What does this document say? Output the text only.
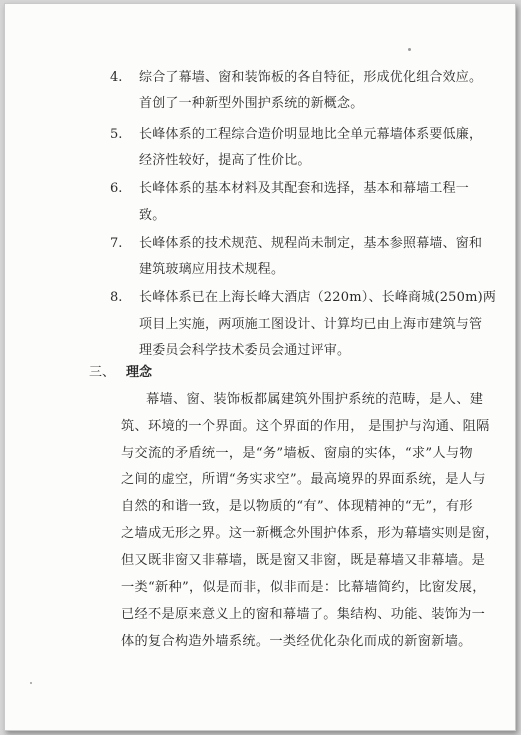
4. 综合了幕墙、窗和装饰板的各自特征，形成优化组合效应。
首创了一种新型外围护系统的新概念。
5. 长峰体系的工程综合造价明显地比全单元幕墙体系要低廉，
经济性较好，提高了性价比。
6. 长峰体系的基本材料及其配套和选择，基本和幕墙工程一
致。
7. 长峰体系的技术规范、规程尚未制定，基本参照幕墙、窗和
建筑玻璃应用技术规程。
8. 长峰体系已在上海长峰大酒店（220m）、长峰商城(250m)两
项目上实施，两项施工图设计、计算均已由上海市建筑与管
理委员会科学技术委员会通过评审。
三、 理念
幕墙、窗、装饰板都属建筑外围护系统的范畴，是人、建
筑、环境的一个界面。这个界面的作用， 是围护与沟通、阻隔
与交流的矛盾统一，是“务”墙板、窗扇的实体，“求”人与物
之间的虚空，所谓“务实求空”。最高境界的界面系统，是人与
自然的和谐一致，是以物质的“有”、体现精神的“无”，有形
之墙成无形之界。这一新概念外围护体系，形为幕墙实则是窗，
但又既非窗又非幕墙，既是窗又非窗，既是幕墙又非幕墙。是
一类“新种”，似是而非，似非而是：比幕墙简约，比窗发展，
已经不是原来意义上的窗和幕墙了。集结构、功能、装饰为一
体的复合构造外墙系统。一类经优化杂化而成的新窗新墙。
